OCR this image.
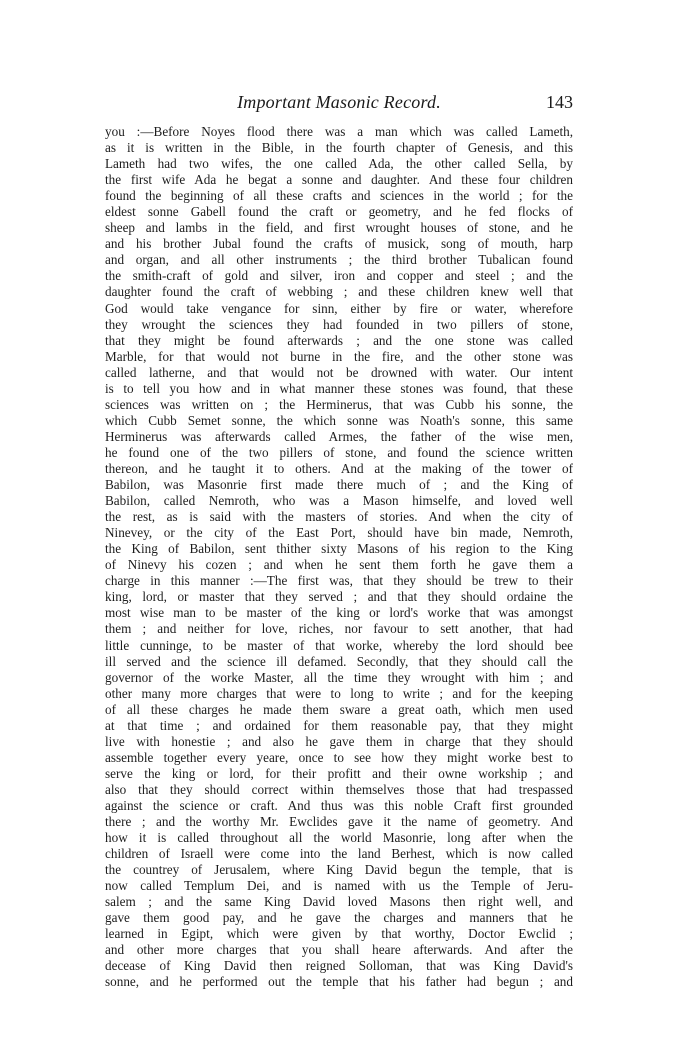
Important Masonic Record.	143
you :—Before Noyes flood there was a man which was called Lameth,
as it is written in the Bible, in the fourth chapter of Genesis, and this
Lameth had two wifes, the one called Ada, the other called Sella, by
the first wife Ada he begat a sonne and daughter. And these four children
found the beginning of all these crafts and sciences in the world ; for the
eldest sonne Gabell found the craft or geometry, and he fed flocks of
sheep and lambs in the field, and first wrought houses of stone, and he
and his brother Jubal found the crafts of musick, song of mouth, harp
and organ, and all other instruments ; the third brother Tubalican found
the smith-craft of gold and silver, iron and copper and steel ; and the
daughter found the craft of webbing ; and these children knew well that
God would take vengance for sinn, either by fire or water, wherefore
they wrought the sciences they had founded in two pillers of stone,
that they might be found afterwards ; and the one stone was called
Marble, for that would not burne in the fire, and the other stone was
called latherne, and that would not be drowned with water. Our intent
is to tell you how and in what manner these stones was found, that these
sciences was written on ; the Herminerus, that was Cubb his sonne, the
which Cubb Semet sonne, the which sonne was Noath's sonne, this same
Herminerus was afterwards called Armes, the father of the wise men,
he found one of the two pillers of stone, and found the science written
thereon, and he taught it to others. And at the making of the tower of
Babilon, was Masonrie first made there much of ; and the King of
Babilon, called Nemroth, who was a Mason himselfe, and loved well
the rest, as is said with the masters of stories. And when the city of
Ninevey, or the city of the East Port, should have bin made, Nemroth,
the King of Babilon, sent thither sixty Masons of his region to the King
of Ninevy his cozen ; and when he sent them forth he gave them a
charge in this manner :—The first was, that they should be trew to their
king, lord, or master that they served ; and that they should ordaine the
most wise man to be master of the king or lord's worke that was amongst
them ; and neither for love, riches, nor favour to sett another, that had
little cunninge, to be master of that worke, whereby the lord should bee
ill served and the science ill defamed. Secondly, that they should call the
governor of the worke Master, all the time they wrought with him ; and
other many more charges that were to long to write ; and for the keeping
of all these charges he made them sware a great oath, which men used
at that time ; and ordained for them reasonable pay, that they might
live with honestie ; and also he gave them in charge that they should
assemble together every yeare, once to see how they might worke best to
serve the king or lord, for their profitt and their owne workship ; and
also that they should correct within themselves those that had trespassed
against the science or craft. And thus was this noble Craft first grounded
there ; and the worthy Mr. Ewclides gave it the name of geometry. And
how it is called throughout all the world Masonrie, long after when the
children of Israell were come into the land Berhest, which is now called
the countrey of Jerusalem, where King David begun the temple, that is
now called Templum Dei, and is named with us the Temple of Jeru-
salem ; and the same King David loved Masons then right well, and
gave them good pay, and he gave the charges and manners that he
learned in Egipt, which were given by that worthy, Doctor Ewclid ;
and other more charges that you shall heare afterwards. And after the
decease of King David then reigned Solloman, that was King David's
sonne, and he performed out the temple that his father had begun ; and
